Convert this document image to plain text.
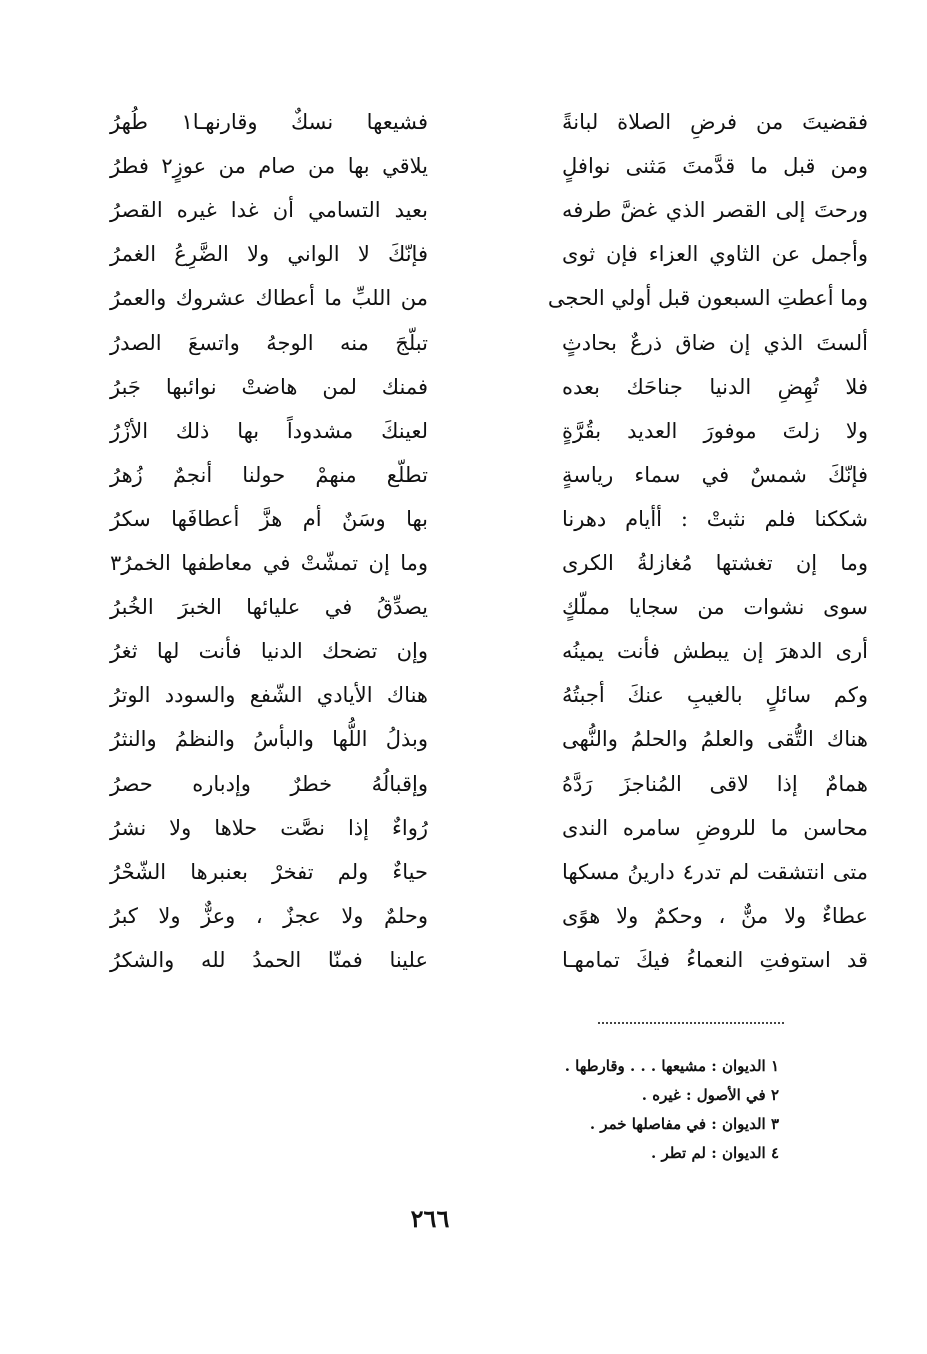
فقضيتَ من فرضِ الصلاة لبانةً
ومن قبل ما قدَّمتَ مَثنى نوافلٍ
ورحتَ إلى القصر الذي غضَّ طرفه
وأجمل عن الثاوي العزاء فإن ثوى
وما أعطتِ السبعون قبل أولي الحجى
ألستَ الذي إن ضاق ذرعٌ بحادثٍ
فلا تُهِضِ الدنيا جناحَك بعده
ولا زلتَ موفورَ العديد بقُرَّةٍ
فإنّكَ شمسٌ في سماء رياسةٍ
شككنا فلم نثبتْ : أأيام دهرنا
وما إن تغشتها مُغازلةُ الكرى
سوى نشوات من سجايا مملّكٍ
أرى الدهرَ إن يبطش فأنت يمينُه
وكم سائلٍ بالغيبِ عنكَ أجبتُهُ
هناك التُّقى والعلمُ والحلمُ والنُّهى
همامٌ إذا لاقى المُناجزَ رَدَّهُ
محاسن ما للروضِ سامره الندى
متى انتشقت لم تدر٤ دارينُ مسكها
عطاءٌ ولا منٌّ ، وحكمٌ ولا هوًى
قد استوفتِ النعماءُ فيكَ تمامهـا
فشيعها نسكٌ وقارنهـا١ طُهرُ
يلاقي بها من صام من عوزٍ٢ فطرُ
بعيد التسامي أن غدا غيره القصرُ
فإنّكَ لا الواني ولا الضَّرِعُ الغمرُ
من اللبِّ ما أعطاك عشروك والعمرُ
تبلّجَ منه الوجهُ واتسعَ الصدرُ
فمنك لمن هاضتْ نوائبها جَبرُ
لعينكَ مشدوداً بها ذلك الأزْرُ
تطلّع منهمْ حولنا أنجمٌ زُهرُ
بها وسَنٌ أم هزَّ أعطافَها سكرُ
وما إن تمشّتْ في معاطفها الخمرُ٣
يصدِّقُ في عليائها الخبرَ الخُبرُ
وإن تضحك الدنيا فأنت لها ثغرُ
هناك الأيادي الشّفع والسودد الوترُ
وبذلُ اللُّها والبأسُ والنظمُ والنثرُ
وإقبالُهُ خطرٌ وإدباره حصرُ
رُواءٌ إذا نصَّت حلاها ولا نشرُ
حياءٌ ولم تفخرْ بعنبرها الشّحْرُ
وحلمٌ ولا عجزٌ ، وعزٌّ ولا كبرُ
علينا فمنّا الحمدُ لله والشكرُ
١ الديوان : مشيعها . . . وقارطها .
٢ في الأصول : غيره .
٣ الديوان : في مفاصلها خمر .
٤ الديوان : لم تطر .
٢٦٦
